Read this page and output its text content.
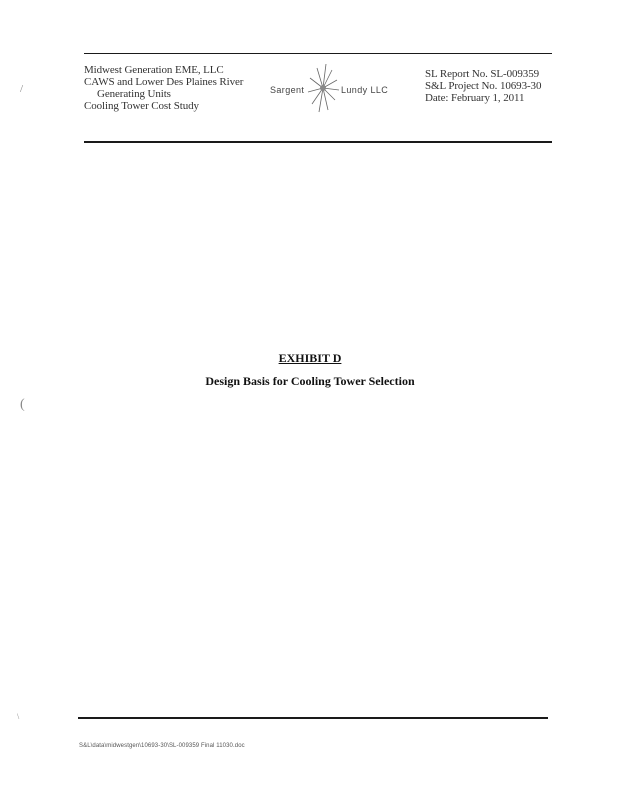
Midwest Generation EME, LLC
CAWS and Lower Des Plaines River
Generating Units
Cooling Tower Cost Study
Sargent	Lundy LLC
SL Report No. SL-009359
S&L Project No. 10693-30
Date: February 1, 2011
EXHIBIT D
Design Basis for Cooling Tower Selection
/
(
\
S&L\data\midwestgen\10693-30\SL-009359 Final 11030.doc
